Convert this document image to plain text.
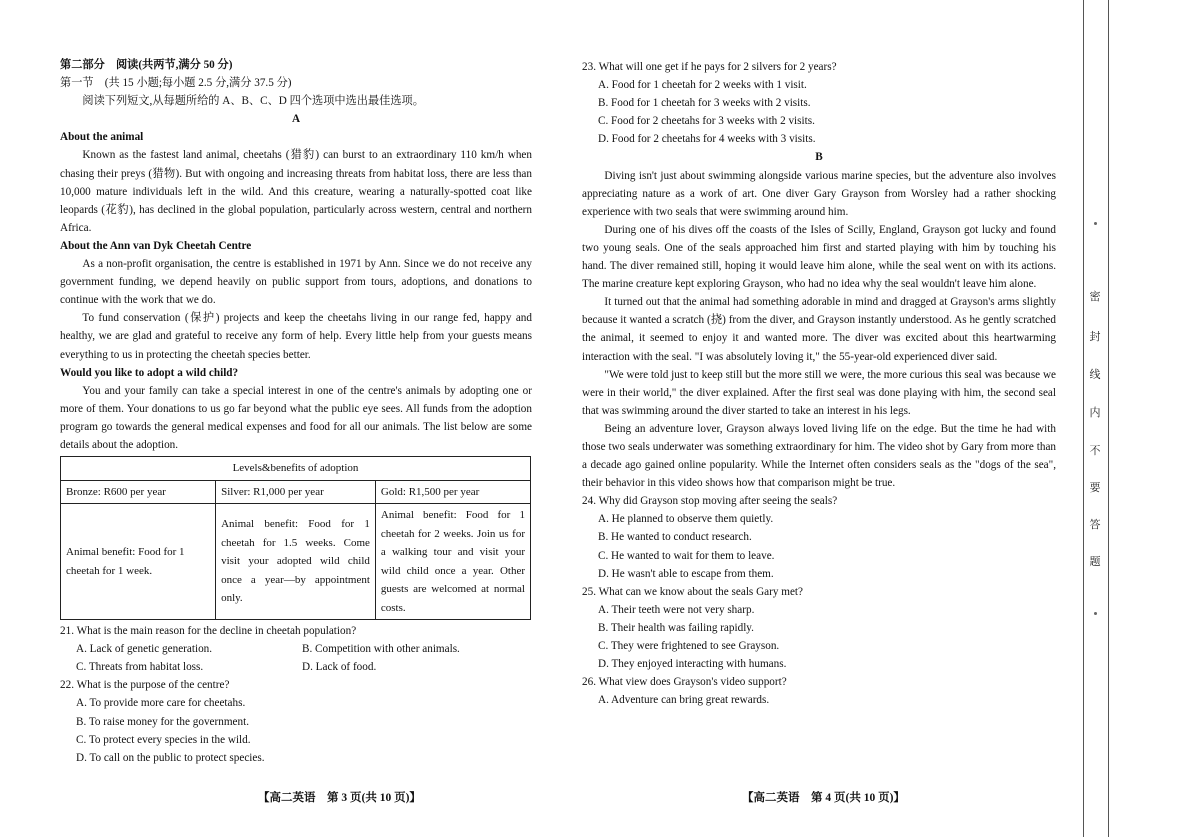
第二部分　阅读(共两节,满分 50 分)

第一节　(共 15 小题;每小题 2.5 分,满分 37.5 分)

阅读下列短文,从每题所给的 A、B、C、D 四个选项中选出最佳选项。

A

About the animal

Known as the fastest land animal, cheetahs (猎豹) can burst to an extraordinary 110 km/h when chasing their preys (猎物). But with ongoing and increasing threats from habitat loss, there are less than 10,000 mature individuals left in the wild. And this creature, wearing a naturally-spotted coat like leopards (花豹), has declined in the global population, particularly across western, central and northern Africa.

About the Ann van Dyk Cheetah Centre

As a non-profit organisation, the centre is established in 1971 by Ann. Since we do not receive any government funding, we depend heavily on public support from tours, adoptions, and donations to continue with the work that we do.

To fund conservation (保护) projects and keep the cheetahs living in our range fed, happy and healthy, we are glad and grateful to receive any form of help. Every little help from your guests means everything to us in protecting the cheetah species better.

Would you like to adopt a wild child?

You and your family can take a special interest in one of the centre's animals by adopting one or more of them. Your donations to us go far beyond what the public eye sees. All funds from the adoption program go towards the general medical expenses and food for all our animals. The list below are some details about the adoption.

Levels&benefits of adoption		
Bronze: R600 per year	Silver: R1,000 per year	Gold: R1,500 per year
Animal benefit: Food for 1 cheetah for 1 week.	Animal benefit: Food for 1 cheetah for 1.5 weeks. Come visit your adopted wild child once a year—by appointment only.	Animal benefit: Food for 1 cheetah for 2 weeks. Join us for a walking tour and visit your wild child once a year. Other guests are welcomed at normal costs.

21. What is the main reason for the decline in cheetah population?

A. Lack of genetic generation.	B. Competition with other animals.
C. Threats from habitat loss.	D. Lack of food.

22. What is the purpose of the centre?

A. To provide more care for cheetahs.

B. To raise money for the government.

C. To protect every species in the wild.

D. To call on the public to protect species.

23. What will one get if he pays for 2 silvers for 2 years?

A. Food for 1 cheetah for 2 weeks with 1 visit.

B. Food for 1 cheetah for 3 weeks with 2 visits.

C. Food for 2 cheetahs for 3 weeks with 2 visits.

D. Food for 2 cheetahs for 4 weeks with 3 visits.

B

Diving isn't just about swimming alongside various marine species, but the adventure also involves appreciating nature as a work of art. One diver Gary Grayson from Worsley had a rather shocking experience with two seals that were swimming around him.

During one of his dives off the coasts of the Isles of Scilly, England, Grayson got lucky and found two young seals. One of the seals approached him first and started playing with him by touching his hand. The diver remained still, hoping it would leave him alone, while the seal went on with its actions. The marine creature kept exploring Grayson, who had no idea why the seal wouldn't leave him alone.

It turned out that the animal had something adorable in mind and dragged at Grayson's arms slightly because it wanted a scratch (挠) from the diver, and Grayson instantly understood. As he gently scratched the animal, it seemed to enjoy it and wanted more. The diver was excited about this heartwarming interaction with the seal. "I was absolutely loving it," the 55-year-old experienced diver said.

"We were told just to keep still but the more still we were, the more curious this seal was because we were in their world," the diver explained. After the first seal was done playing with him, the second seal that was swimming around the diver started to take an interest in his legs.

Being an adventure lover, Grayson always loved living life on the edge. But the time he had with those two seals underwater was something extraordinary for him. The video shot by Gary from more than a decade ago gained online popularity. While the Internet often considers seals as the "dogs of the sea", their behavior in this video shows how that comparison might be true.

24. Why did Grayson stop moving after seeing the seals?

A. He planned to observe them quietly.

B. He wanted to conduct research.

C. He wanted to wait for them to leave.

D. He wasn't able to escape from them.

25. What can we know about the seals Gary met?

A. Their teeth were not very sharp.

B. Their health was failing rapidly.

C. They were frightened to see Grayson.

D. They enjoyed interacting with humans.

26. What view does Grayson's video support?

A. Adventure can bring great rewards.

【高二英语　第 3 页(共 10 页)】	【高二英语　第 4 页(共 10 页)】
密
封
线
内
不
要
答
题
